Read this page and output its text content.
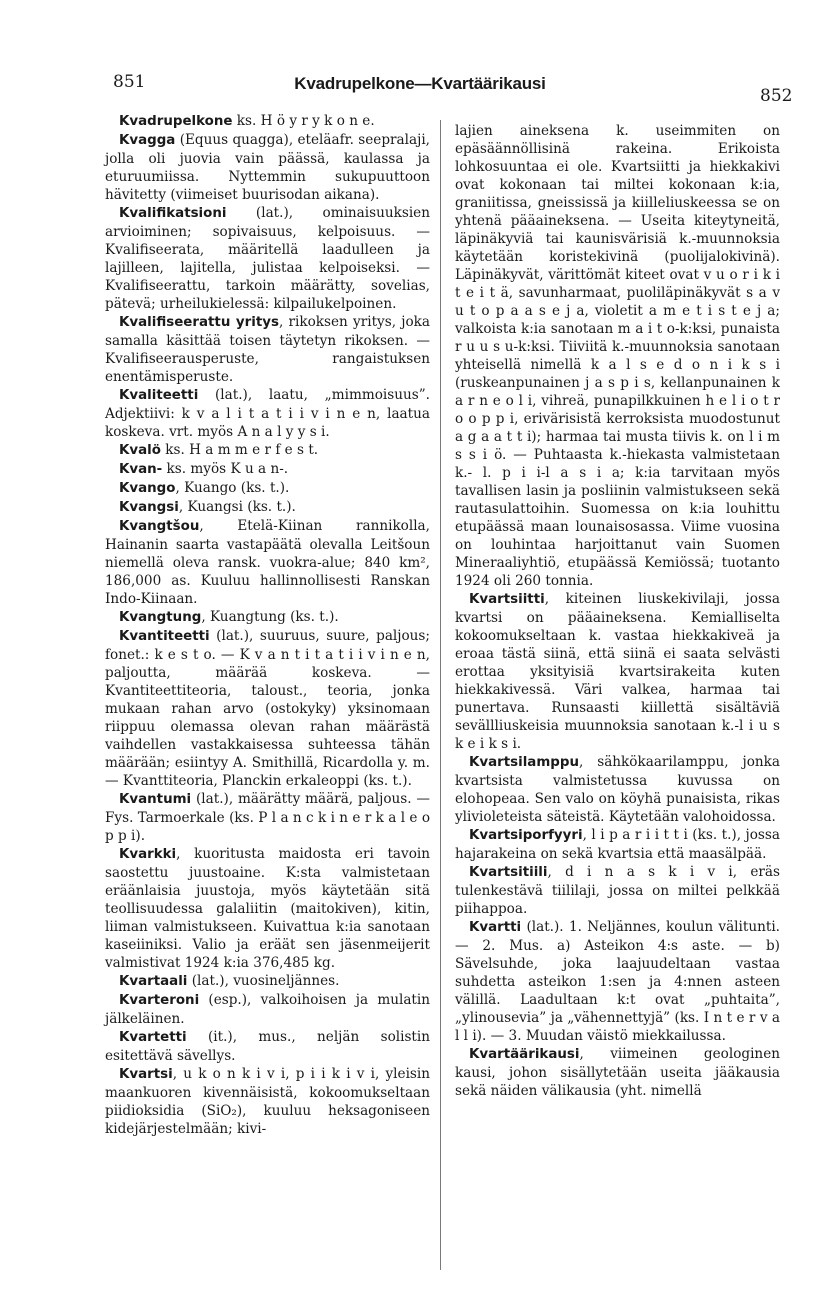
851	Kvadrupelkone—Kvartäärikausi
852

Kvadrupelkone ks. H ö y r y k o n e.

Kvagga (Equus quagga), eteläafr. seepralaji, jolla oli juovia vain päässä, kaulassa ja eturuumiissa. Nyttemmin sukupuuttoon hävitetty (viimeiset buurisodan aikana).

Kvalifikatsioni (lat.), ominaisuuksien arvioiminen; sopivaisuus, kelpoisuus. — Kvalifiseerata, määritellä laadulleen ja lajilleen, lajitella, julistaa kelpoiseksi. — Kvalifiseerattu, tarkoin määrätty, sovelias, pätevä; urheilukielessä: kilpailukelpoinen.

Kvalifiseerattu yritys, rikoksen yritys, joka samalla käsittää toisen täytetyn rikoksen. — Kvalifiseerausperuste, rangaistuksen enentämisperuste.

Kvaliteetti (lat.), laatu, „mimmoisuus”. Adjektiivi: k v a l i t a t i i v i n e n, laatua koskeva. vrt. myös A n a l y y s i.

Kvalö ks. H a m m e r f e s t.

Kvan- ks. myös K u a n-.

Kvango, Kuango (ks. t.).

Kvangsi, Kuangsi (ks. t.).

Kvangtšou, Etelä-Kiinan rannikolla, Hainanin saarta vastapäätä olevalla Leitšoun niemellä oleva ransk. vuokra-alue; 840 km², 186,000 as. Kuuluu hallinnollisesti Ranskan Indo-Kiinaan.

Kvangtung, Kuangtung (ks. t.).

Kvantiteetti (lat.), suuruus, suure, paljous; fonet.: k e s t o. — K v a n t i t a t i i v i n e n, paljoutta, määrää koskeva. — Kvantiteettiteoria, taloust., teoria, jonka mukaan rahan arvo (ostokyky) yksinomaan riippuu olemassa olevan rahan määrästä vaihdellen vastakkaisessa suhteessa tähän määrään; esiintyy A. Smithillä, Ricardolla y. m. — Kvanttiteoria, Planckin erkaleoppi (ks. t.).

Kvantumi (lat.), määrätty määrä, paljous. — Fys. Tarmoerkale (ks. P l a n c k i n e r k a l e o p p i).

Kvarkki, kuoritusta maidosta eri tavoin saostettu juustoaine. K:sta valmistetaan eräänlaisia juustoja, myös käytetään sitä teollisuudessa galaliitin (maitokiven), kitin, liiman valmistukseen. Kuivattua k:ia sanotaan kaseiiniksi. Valio ja eräät sen jäsenmeijerit valmistivat 1924 k:ia 376,485 kg.

Kvartaali (lat.), vuosineljännes.

Kvarteroni (esp.), valkoihoisen ja mulatin jälkeläinen.

Kvartetti (it.), mus., neljän solistin esitettävä sävellys.

Kvartsi, u k o n k i v i, p i i k i v i, yleisin maankuoren kivennäisistä, kokoomukseltaan piidioksidia (SiO₂), kuuluu heksagoniseen kidejärjestelmään; kivi-

lajien aineksena k. useimmiten on epäsäännöllisinä rakeina. Erikoista lohkosuuntaa ei ole. Kvartsiitti ja hiekkakivi ovat kokonaan tai miltei kokonaan k:ia, graniitissa, gneississä ja kiilleliuskeessa se on yhtenä pääaineksena. — Useita kiteytyneitä, läpinäkyviä tai kaunisvärisiä k.-muunnoksia käytetään koristekivinä (puolijalokivinä). Läpinäkyvät, värittömät kiteet ovat v u o r i k i t e i t ä, savunharmaat, puoliläpinäkyvät s a v u t o p a a s e j a, violetit a m e t i s t e j a; valkoista k:ia sanotaan m a i t o-k:ksi, punaista r u u s u-k:ksi. Tiiviitä k.-muunnoksia sanotaan yhteisellä nimellä k a l s e d o n i k s i (ruskeanpunainen j a s p i s, kellanpunainen k a r n e o l i, vihreä, punapilkkuinen h e l i o t r o o p p i, erivärisistä kerroksista muodostunut a g a a t t i); harmaa tai musta tiivis k. on l i m s s i ö. — Puhtaasta k.-hiekasta valmistetaan k.- l. p i i-l a s i a; k:ia tarvitaan myös tavallisen lasin ja posliinin valmistukseen sekä rautasulattoihin. Suomessa on k:ia louhittu etupäässä maan lounaisosassa. Viime vuosina on louhintaa harjoittanut vain Suomen Mineraaliyhtiö, etupäässä Kemiössä; tuotanto 1924 oli 260 tonnia.

Kvartsiitti, kiteinen liuskekivilaji, jossa kvartsi on pääaineksena. Kemialliselta kokoomukseltaan k. vastaa hiekkakiveä ja eroaa tästä siinä, että siinä ei saata selvästi erottaa yksityisiä kvartsirakeita kuten hiekkakivessä. Väri valkea, harmaa tai punertava. Runsaasti kiillettä sisältäviä sevällliuskeisia muunnoksia sanotaan k.-l i u s k e i k s i.

Kvartsilamppu, sähkökaarilamppu, jonka kvartsista valmistetussa kuvussa on elohopeaa. Sen valo on köyhä punaisista, rikas ylivioleteista säteistä. Käytetään valohoidossa.

Kvartsiporfyyri, l i p a r i i t t i (ks. t.), jossa hajarakeina on sekä kvartsia että maasälpää.

Kvartsitiili, d i n a s k i v i, eräs tulenkestävä tiililaji, jossa on miltei pelkkää piihappoa.

Kvartti (lat.). 1. Neljännes, koulun välitunti. — 2. Mus. a) Asteikon 4:s aste. — b) Sävelsuhde, joka laajuudeltaan vastaa suhdetta asteikon 1:sen ja 4:nnen asteen välillä. Laadultaan k:t ovat „puhtaita”, „ylinousevia” ja „vähennettyjä” (ks. I n t e r v a l l i). — 3. Muudan väistö miekkailussa.

Kvartäärikausi, viimeinen geologinen kausi, johon sisällytetään useita jääkausia sekä näiden välikausia (yht. nimellä
